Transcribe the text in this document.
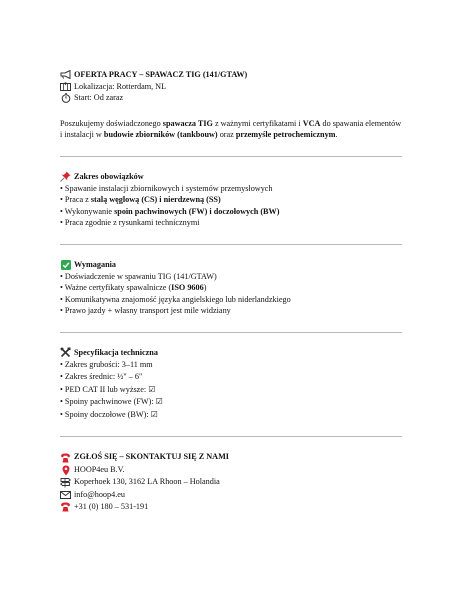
OFERTA PRACY – SPAWACZ TIG (141/GTAW)
Lokalizacja: Rotterdam, NL
Start: Od zaraz
Poszukujemy doświadczonego spawacza TIG z ważnymi certyfikatami i VCA do spawania elementów i instalacji w budowie zbiorników (tankbouw) oraz przemyśle petrochemicznym.
Zakres obowiązków
• Spawanie instalacji zbiornikowych i systemów przemysłowych
• Praca z stalą węglową (CS) i nierdzewną (SS)
• Wykonywanie spoin pachwinowych (FW) i doczołowych (BW)
• Praca zgodnie z rysunkami technicznymi
Wymagania
• Doświadczenie w spawaniu TIG (141/GTAW)
• Ważne certyfikaty spawalnicze (ISO 9606)
• Komunikatywna znajomość języka angielskiego lub niderlandzkiego
• Prawo jazdy + własny transport jest mile widziany
Specyfikacja techniczna
• Zakres grubości: 3–11 mm
• Zakres średnic: ½" – 6"
• PED CAT II lub wyższe: ☑
• Spoiny pachwinowe (FW): ☑
• Spoiny doczołowe (BW): ☑
ZGŁOŚ SIĘ – SKONTAKTUJ SIĘ Z NAMI
HOOP4eu B.V.
Koperhoek 130, 3162 LA Rhoon – Holandia
info@hoop4.eu
+31 (0) 180 – 531-191
